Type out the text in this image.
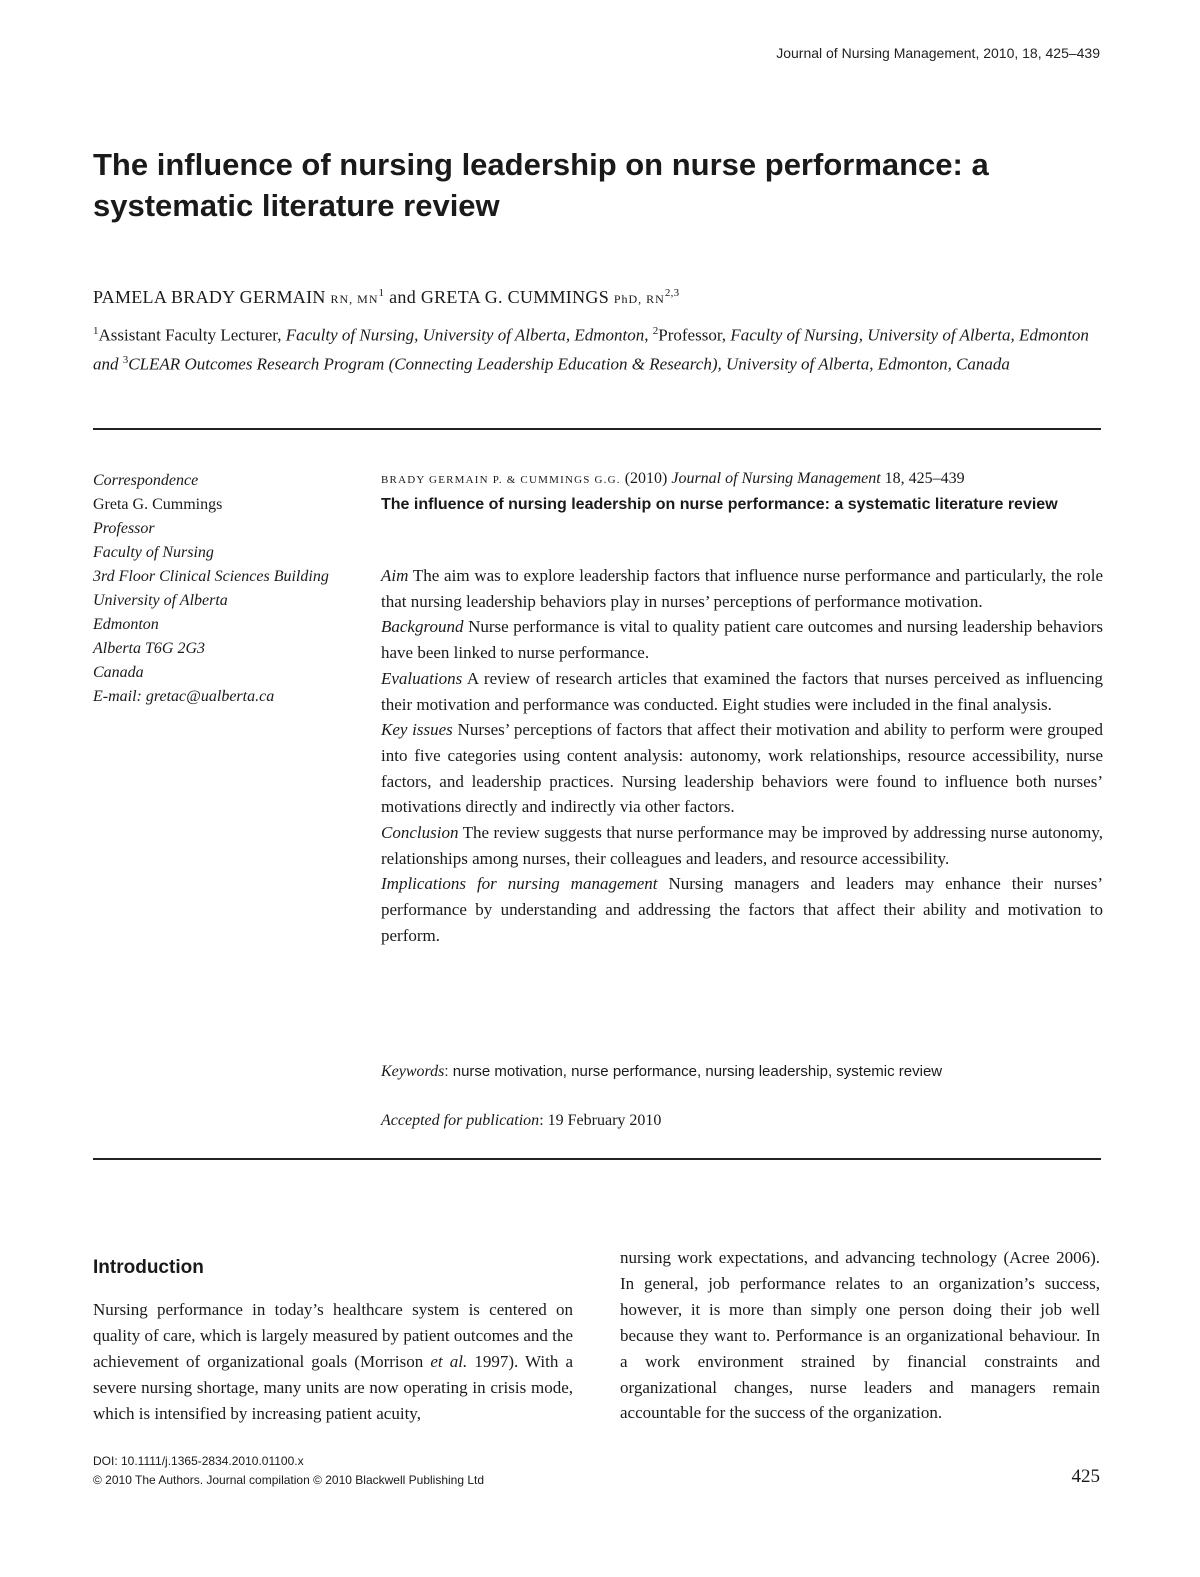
Journal of Nursing Management, 2010, 18, 425–439
The influence of nursing leadership on nurse performance: a systematic literature review
PAMELA BRADY GERMAIN RN, $MN^1$ and GRETA G. CUMMINGS PhD, RN$^{2,3}$
$^1$Assistant Faculty Lecturer, Faculty of Nursing, University of Alberta, Edmonton, $^2$Professor, Faculty of Nursing, University of Alberta, Edmonton and $^3$CLEAR Outcomes Research Program (Connecting Leadership Education & Research), University of Alberta, Edmonton, Canada
Correspondence
Greta G. Cummings
Professor
Faculty of Nursing
3rd Floor Clinical Sciences Building
University of Alberta
Edmonton
Alberta T6G 2G3
Canada
E-mail: gretac@ualberta.ca
BRADY GERMAIN P. & CUMMINGS G.G. (2010) Journal of Nursing Management 18, 425–439
The influence of nursing leadership on nurse performance: a systematic literature review

Aim The aim was to explore leadership factors that influence nurse performance and particularly, the role that nursing leadership behaviors play in nurses’ perceptions of performance motivation.

Background Nurse performance is vital to quality patient care outcomes and nursing leadership behaviors have been linked to nurse performance.

Evaluations A review of research articles that examined the factors that nurses perceived as influencing their motivation and performance was conducted. Eight studies were included in the final analysis.

Key issues Nurses’ perceptions of factors that affect their motivation and ability to perform were grouped into five categories using content analysis: autonomy, work relationships, resource accessibility, nurse factors, and leadership practices. Nursing leadership behaviors were found to influence both nurses’ motivations directly and indirectly via other factors.

Conclusion The review suggests that nurse performance may be improved by addressing nurse autonomy, relationships among nurses, their colleagues and leaders, and resource accessibility.

Implications for nursing management Nursing managers and leaders may enhance their nurses’ performance by understanding and addressing the factors that affect their ability and motivation to perform.

Keywords: nurse motivation, nurse performance, nursing leadership, systemic review
Accepted for publication: 19 February 2010
Introduction
Nursing performance in today’s healthcare system is centered on quality of care, which is largely measured by patient outcomes and the achievement of organizational goals (Morrison et al. 1997). With a severe nursing shortage, many units are now operating in crisis mode, which is intensified by increasing patient acuity,
nursing work expectations, and advancing technology (Acree 2006). In general, job performance relates to an organization’s success, however, it is more than simply one person doing their job well because they want to. Performance is an organizational behaviour. In a work environment strained by financial constraints and organizational changes, nurse leaders and managers remain accountable for the success of the organization.
DOI: 10.1111/j.1365-2834.2010.01100.x
© 2010 The Authors. Journal compilation © 2010 Blackwell Publishing Ltd	425
